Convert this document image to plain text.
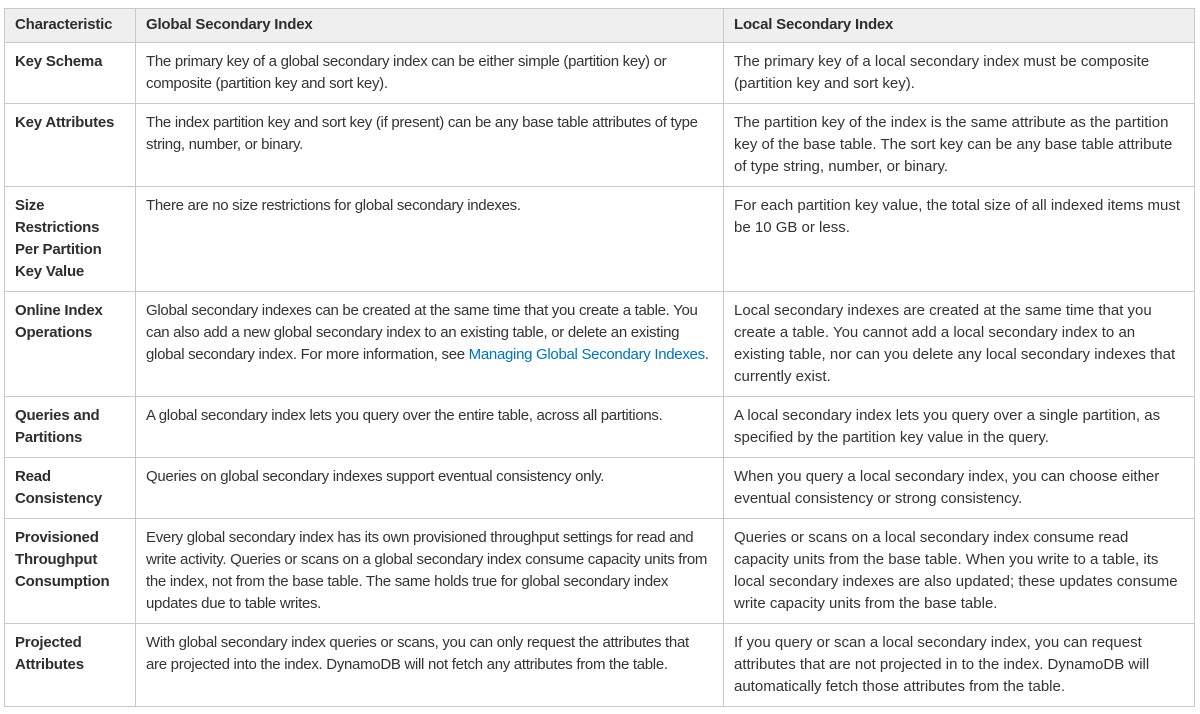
Characteristic	Global Secondary Index	Local Secondary Index
Key Schema	The primary key of a global secondary index can be either simple (partition key) or composite (partition key and sort key).	The primary key of a local secondary index must be composite (partition key and sort key).
Key Attributes	The index partition key and sort key (if present) can be any base table attributes of type string, number, or binary.	The partition key of the index is the same attribute as the partition key of the base table. The sort key can be any base table attribute of type string, number, or binary.
Size Restrictions Per Partition Key Value	There are no size restrictions for global secondary indexes.	For each partition key value, the total size of all indexed items must be 10 GB or less.
Online Index Operations	Global secondary indexes can be created at the same time that you create a table. You can also add a new global secondary index to an existing table, or delete an existing global secondary index. For more information, see Managing Global Secondary Indexes.	Local secondary indexes are created at the same time that you create a table. You cannot add a local secondary index to an existing table, nor can you delete any local secondary indexes that currently exist.
Queries and Partitions	A global secondary index lets you query over the entire table, across all partitions.	A local secondary index lets you query over a single partition, as specified by the partition key value in the query.
Read Consistency	Queries on global secondary indexes support eventual consistency only.	When you query a local secondary index, you can choose either eventual consistency or strong consistency.
Provisioned Throughput Consumption	Every global secondary index has its own provisioned throughput settings for read and write activity. Queries or scans on a global secondary index consume capacity units from the index, not from the base table. The same holds true for global secondary index updates due to table writes.	Queries or scans on a local secondary index consume read capacity units from the base table. When you write to a table, its local secondary indexes are also updated; these updates consume write capacity units from the base table.
Projected Attributes	With global secondary index queries or scans, you can only request the attributes that are projected into the index. DynamoDB will not fetch any attributes from the table.	If you query or scan a local secondary index, you can request attributes that are not projected in to the index. DynamoDB will automatically fetch those attributes from the table.
